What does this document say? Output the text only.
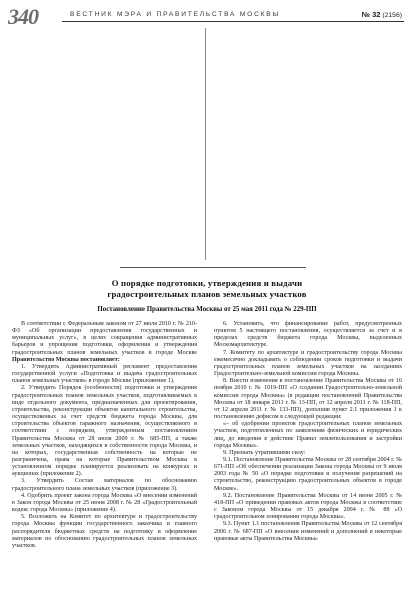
340	ВЕСТНИК МЭРА И ПРАВИТЕЛЬСТВА МОСКВЫ	№ 32 (2156)
О порядке подготовки, утверждения и выдачи
градостроительных планов земельных участков
Постановление Правительства Москвы от 25 мая 2011 года № 229-ПП

В соответствии с Федеральным законом от 27 июля 2010 г. № 210-ФЗ «Об организации предоставления государственных и муниципальных услуг», в целях сокращения административных барьеров и упрощения подготовки, оформления и утверждения градостроительных планов земельных участков в городе Москве Правительство Москвы постановляет:

1. Утвердить Административный регламент предоставления государственной услуги «Подготовка и выдача градостроительных планов земельных участков» в городе Москве (приложение 1).

2. Утвердить Порядок (особенности) подготовки и утверждения градостроительных планов земельных участков, подготавливаемых в виде отдельного документа, предназначенных для проектирования, строительства, реконструкции объектов капитального строительства, осуществляемых за счет средств бюджета города Москвы, для строительства объектов гаражного назначения, осуществляемого в соответствии с порядком, утвержденным постановлением Правительства Москвы от 28 июля 2009 г. № 685-ПП, а также земельных участков, находящихся в собственности города Москвы, и на которых, государственная собственность на которые не разграничена, права на которые Правительством Москвы в установленном порядке планируется реализовать на конкурсах и аукционах (приложение 2).

3. Утвердить Состав материалов по обоснованию градостроительного плана земельных участков (приложение 3).

4. Одобрить проект закона города Москвы «О внесении изменений в Закон города Москвы от 25 июня 2008 г. № 28 «Градостроительный кодекс города Москвы» (приложение 4).

5. Возложить на Комитет по архитектуре и градостроительству города Москвы функции государственного заказчика и главного распорядителя бюджетных средств на подготовку и оформление материалов по обоснованию градостроительных планов земельных участков.

6. Установить, что финансирование работ, предусмотренных пунктом 5 настоящего постановления, осуществляется за счет и в пределах средств бюджета города Москвы, выделенных Москомархитектуре.

7. Комитету по архитектуре и градостроительству города Москвы ежемесячно докладывать о соблюдении сроков подготовки и выдачи градостроительных планов земельных участков на заседаниях Градостроительно-земельной комиссии города Москвы.

8. Внести изменения в постановление Правительства Москвы от 16 ноября 2010 г. № 1019-ПП «О создании Градостроительно-земельной комиссии города Москвы» (в редакции постановлений Правительства Москвы от 18 января 2011 г. № 13-ПП, от 12 апреля 2011 г. № 118-ПП, от 12 апреля 2011 г. № 133-ПП), дополнив пункт 2.1 приложения 1 к постановлению дефисом в следующей редакции:

«– об одобрении проектов градостроительных планов земельных участков, подготовленных по заявлениям физических и юридических лиц, до введения в действие Правил землепользования и застройки города Москвы».

9. Признать утратившими силу:

9.1. Постановление Правительства Москвы от 28 сентября 2004 г. № 671-ПП «Об обеспечении реализации Закона города Москвы от 9 июля 2003 года № 50 «О порядке подготовки и получения разрешений на строительство, реконструкцию градостроительных объектов в городе Москве».

9.2. Постановление Правительства Москвы от 14 июня 2005 г. № 418-ПП «О приведении правовых актов города Москвы в соответствие с Законом города Москвы от 15 декабря 2004 г. № 88 «О градостроительном зонировании города Москвы».

9.3. Пункт 1.1 постановления Правительства Москвы от 12 сентября 2006 г. № 687-ПП «О внесении изменений и дополнений в некоторые правовые акты Правительства Москвы»
